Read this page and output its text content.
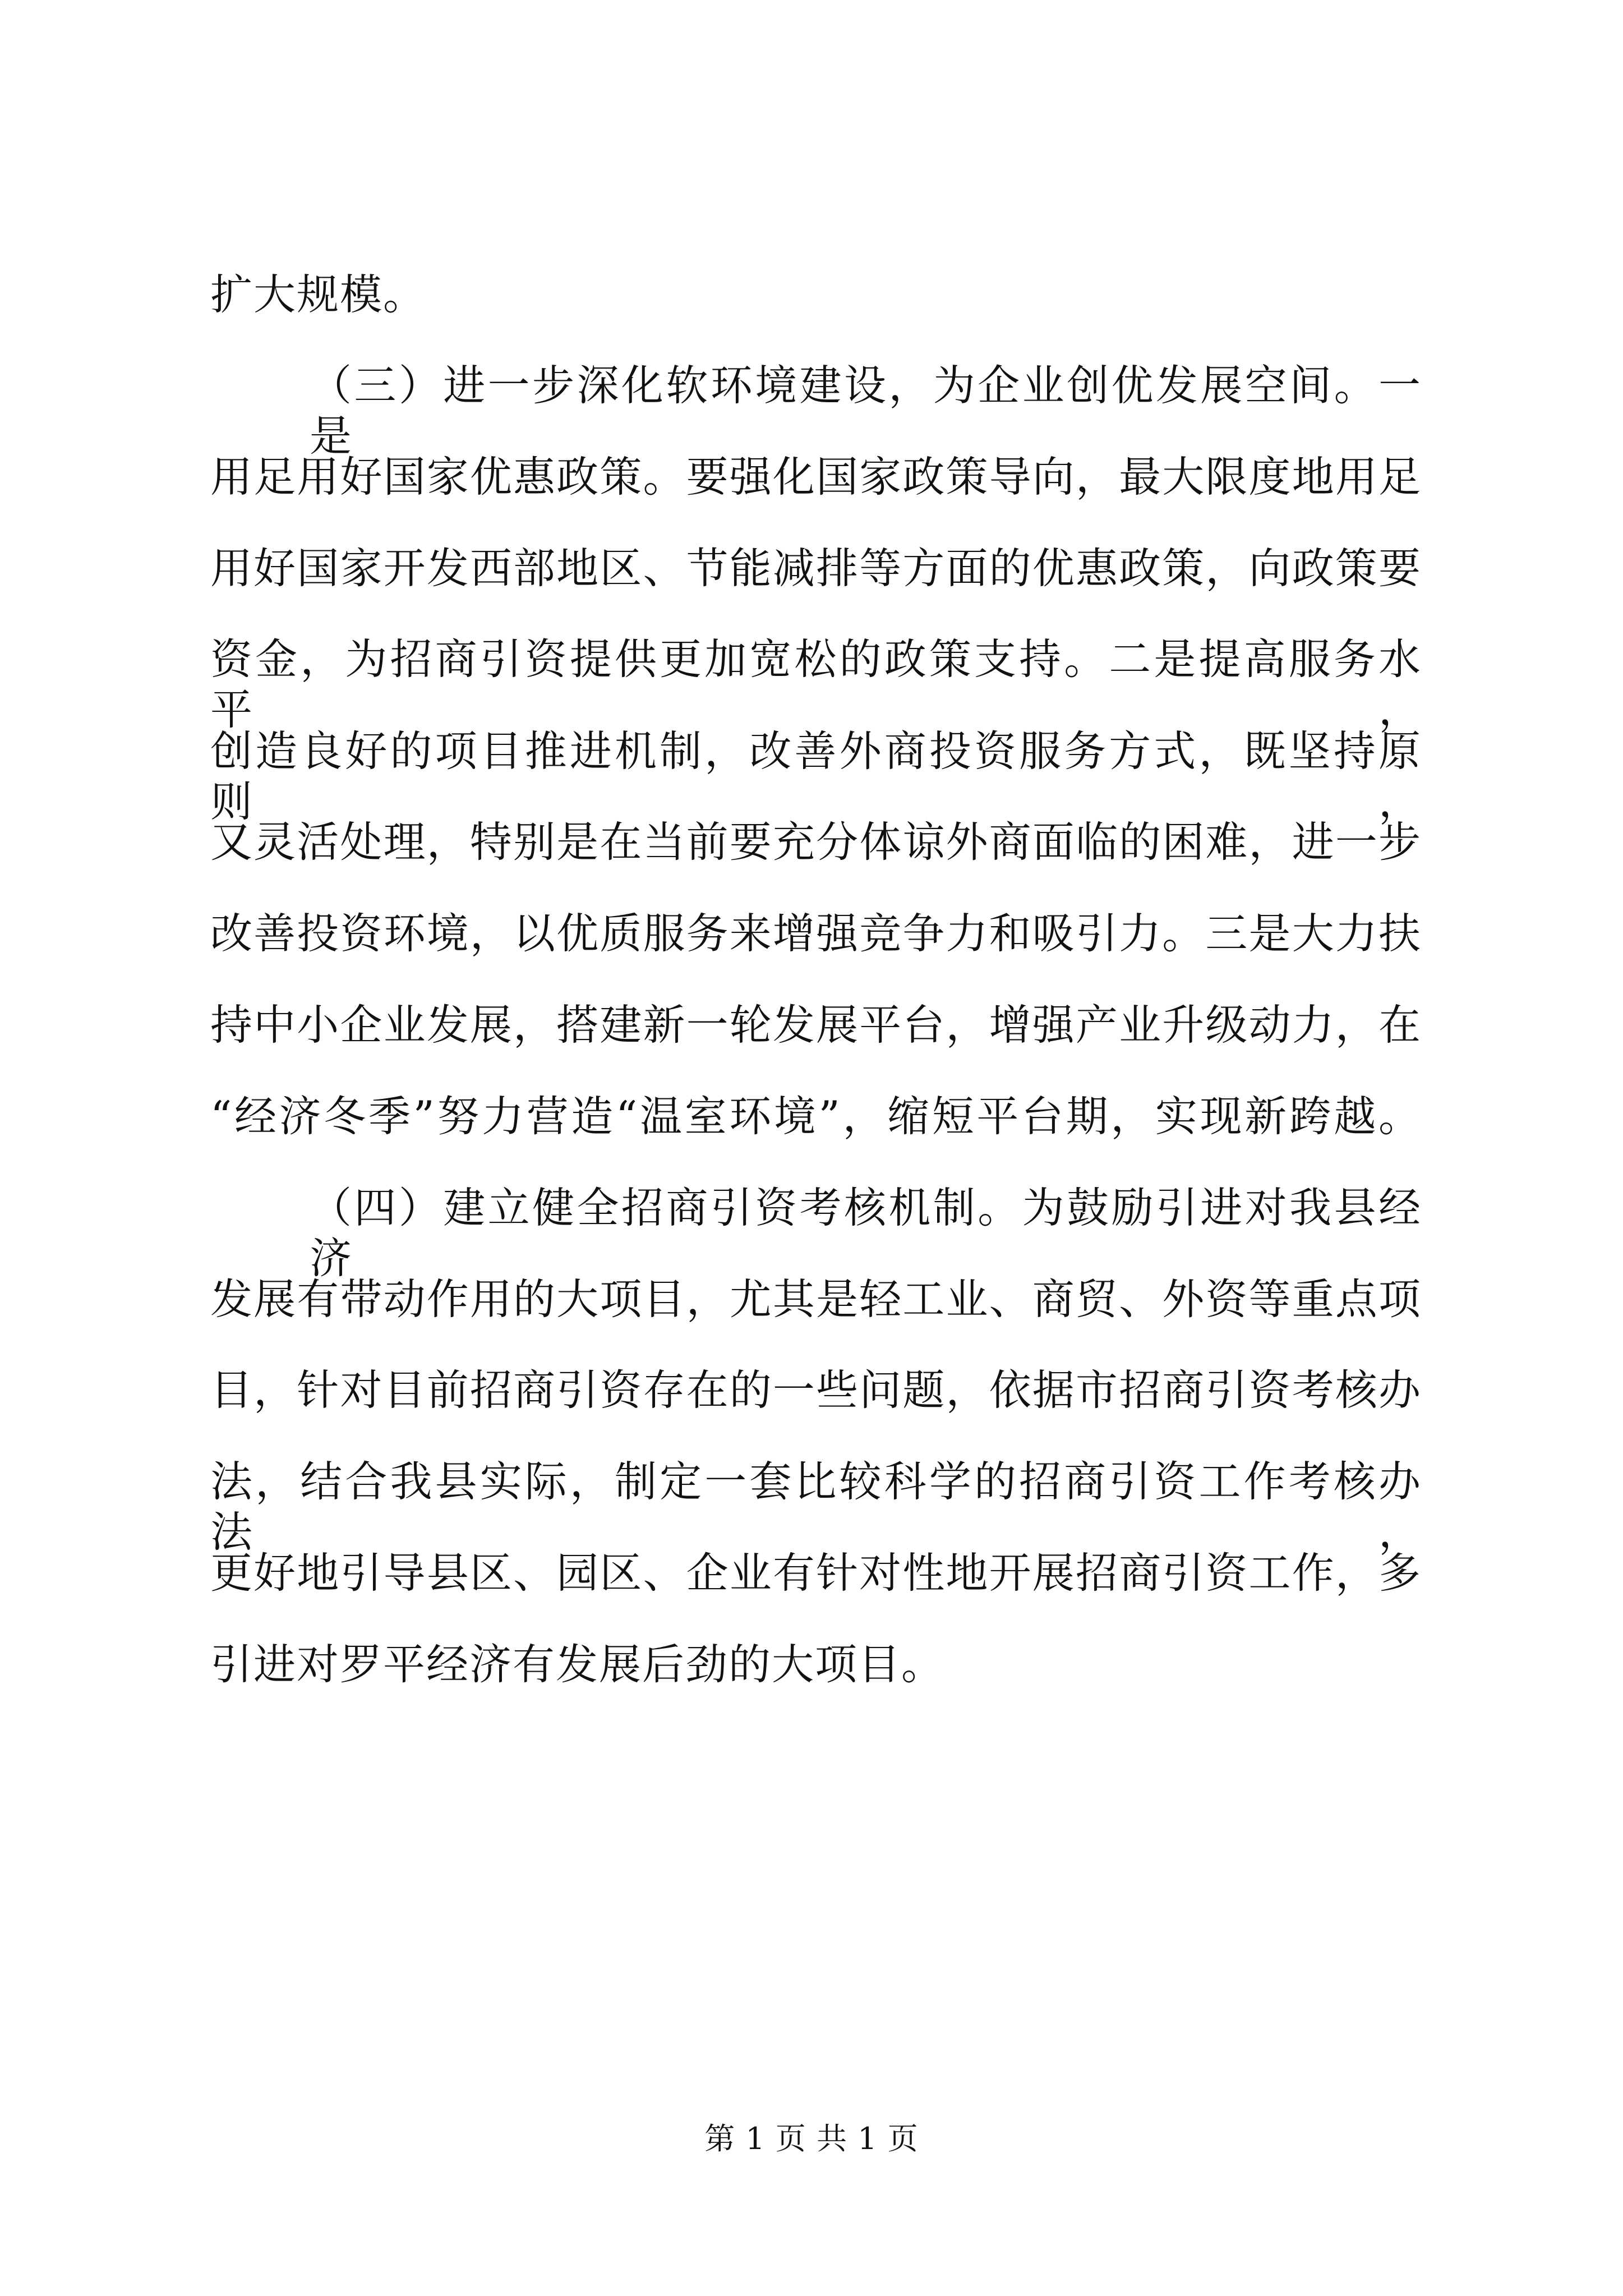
扩大规模。
（三）进一步深化软环境建设，为企业创优发展空间。一是
用足用好国家优惠政策。要强化国家政策导向，最大限度地用足
用好国家开发西部地区、节能减排等方面的优惠政策，向政策要
资金，为招商引资提供更加宽松的政策支持。二是提高服务水平，
创造良好的项目推进机制，改善外商投资服务方式，既坚持原则，
又灵活处理，特别是在当前要充分体谅外商面临的困难，进一步
改善投资环境，以优质服务来增强竞争力和吸引力。三是大力扶
持中小企业发展，搭建新一轮发展平台，增强产业升级动力，在
“经济冬季”努力营造“温室环境”，缩短平台期，实现新跨越。
（四）建立健全招商引资考核机制。为鼓励引进对我县经济
发展有带动作用的大项目，尤其是轻工业、商贸、外资等重点项
目，针对目前招商引资存在的一些问题，依据市招商引资考核办
法，结合我县实际，制定一套比较科学的招商引资工作考核办法，
更好地引导县区、园区、企业有针对性地开展招商引资工作，多
引进对罗平经济有发展后劲的大项目。
第 1 页 共 1 页
